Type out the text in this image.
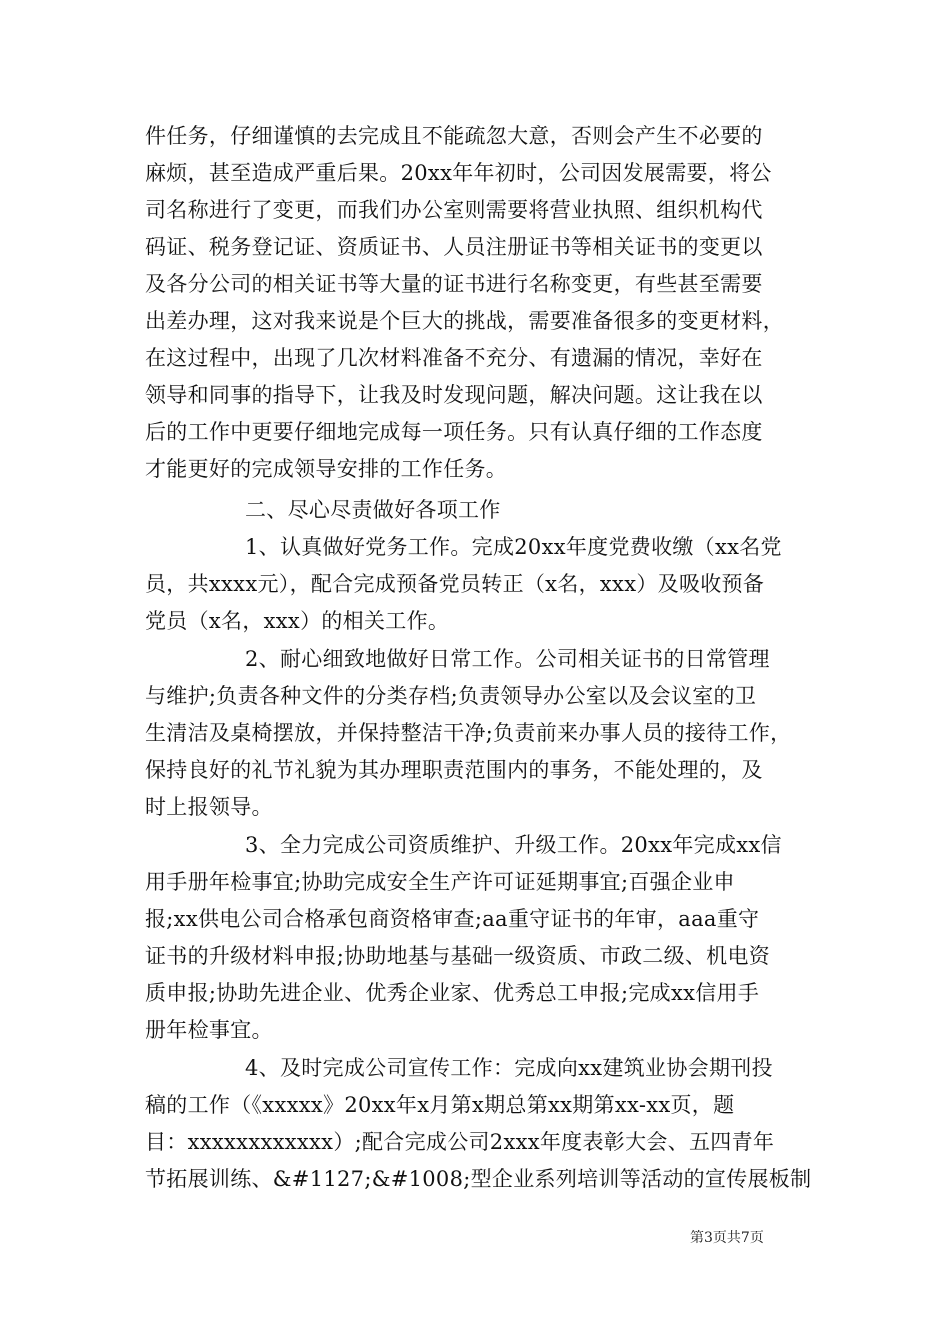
件任务，仔细谨慎的去完成且不能疏忽大意，否则会产生不必要的
麻烦，甚至造成严重后果。20xx年年初时，公司因发展需要，将公
司名称进行了变更，而我们办公室则需要将营业执照、组织机构代
码证、税务登记证、资质证书、人员注册证书等相关证书的变更以
及各分公司的相关证书等大量的证书进行名称变更，有些甚至需要
出差办理，这对我来说是个巨大的挑战，需要准备很多的变更材料，
在这过程中，出现了几次材料准备不充分、有遗漏的情况，幸好在
领导和同事的指导下，让我及时发现问题，解决问题。这让我在以
后的工作中更要仔细地完成每一项任务。只有认真仔细的工作态度
才能更好的完成领导安排的工作任务。
二、尽心尽责做好各项工作
1、认真做好党务工作。完成20xx年度党费收缴（xx名党
员，共xxxx元），配合完成预备党员转正（x名，xxx）及吸收预备
党员（x名，xxx）的相关工作。
2、耐心细致地做好日常工作。公司相关证书的日常管理
与维护;负责各种文件的分类存档;负责领导办公室以及会议室的卫
生清洁及桌椅摆放，并保持整洁干净;负责前来办事人员的接待工作，
保持良好的礼节礼貌为其办理职责范围内的事务，不能处理的，及
时上报领导。
3、全力完成公司资质维护、升级工作。20xx年完成xx信
用手册年检事宜;协助完成安全生产许可证延期事宜;百强企业申
报;xx供电公司合格承包商资格审查;aa重守证书的年审，aaa重守
证书的升级材料申报;协助地基与基础一级资质、市政二级、机电资
质申报;协助先进企业、优秀企业家、优秀总工申报;完成xx信用手
册年检事宜。
4、及时完成公司宣传工作：完成向xx建筑业协会期刊投
稿的工作（《xxxxx》20xx年x月第x期总第xx期第xx-xx页，题
目：xxxxxxxxxxxx）;配合完成公司2xxx年度表彰大会、五四青年
节拓展训练、&#1127;&#1008;型企业系列培训等活动的宣传展板制
第3页共7页
